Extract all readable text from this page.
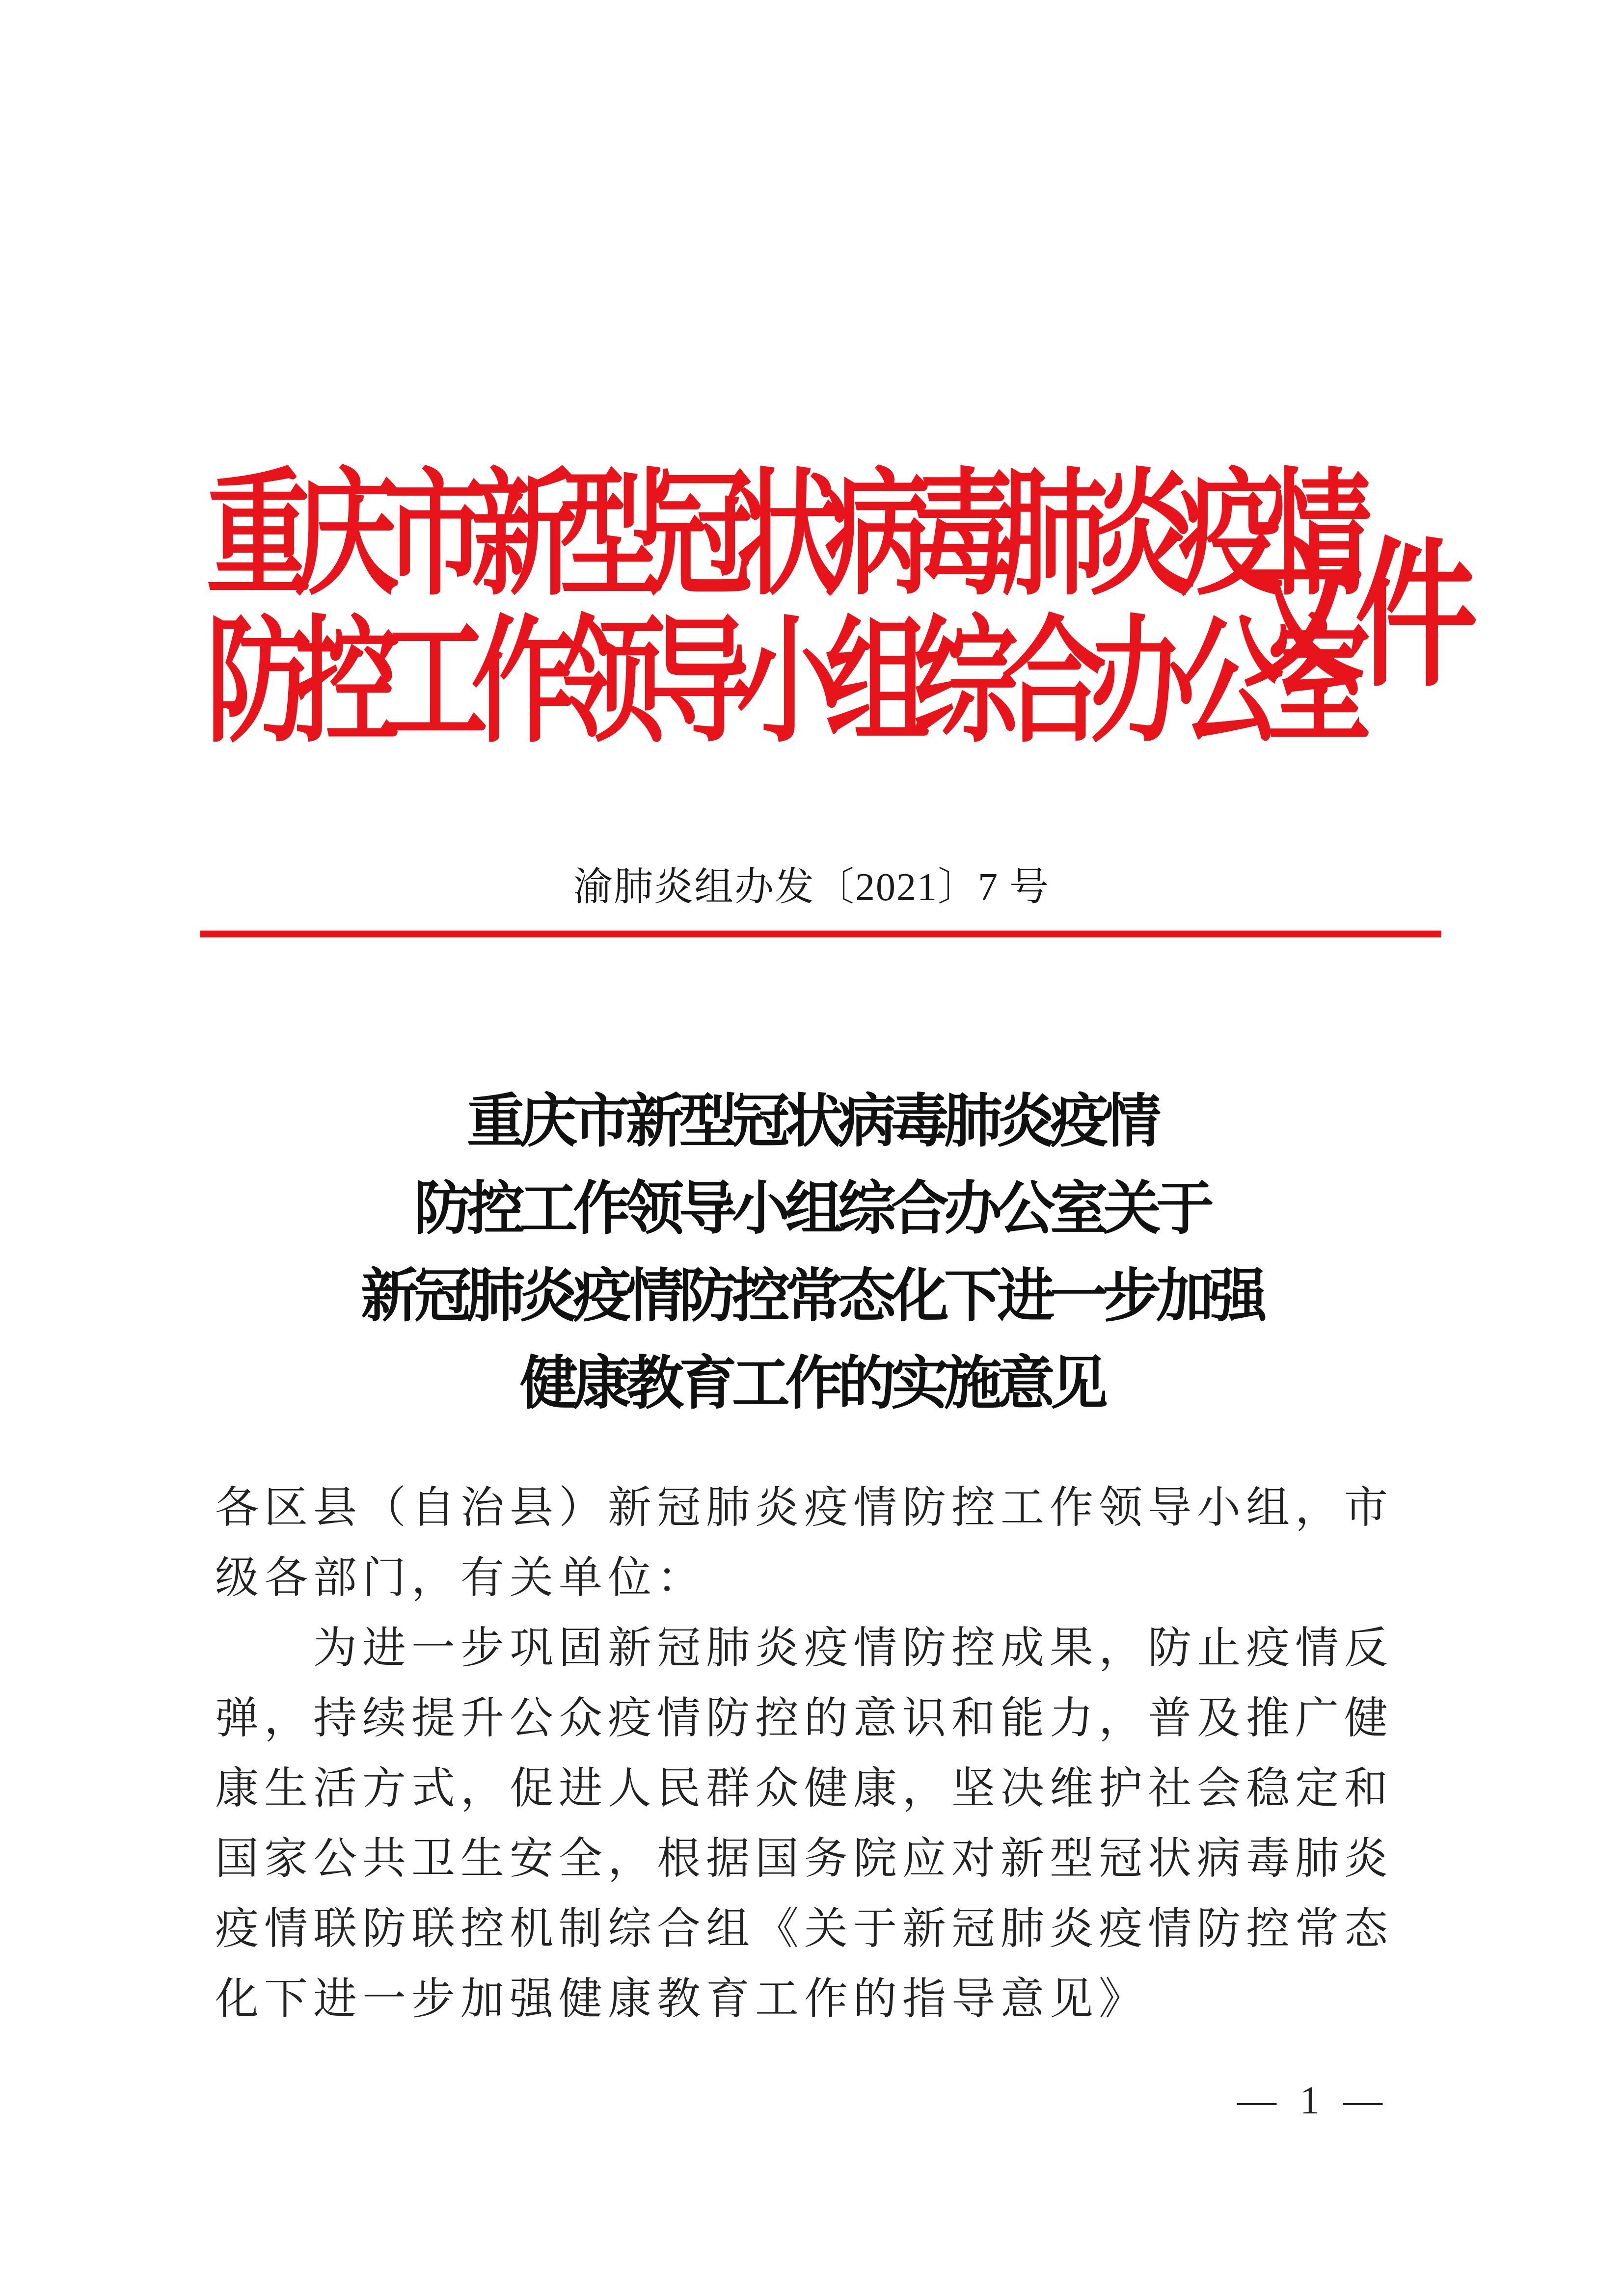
重庆市新型冠状病毒肺炎疫情

防控工作领导小组综合办公室

文件

渝肺炎组办发〔2021〕7 号

重庆市新型冠状病毒肺炎疫情
防控工作领导小组综合办公室关于
新冠肺炎疫情防控常态化下进一步加强
健康教育工作的实施意见

各区县（自治县）新冠肺炎疫情防控工作领导小组，市级各部门，有关单位：

为进一步巩固新冠肺炎疫情防控成果，防止疫情反弹，持续提升公众疫情防控的意识和能力，普及推广健康生活方式，促进人民群众健康，坚决维护社会稳定和国家公共卫生安全，根据国务院应对新型冠状病毒肺炎疫情联防联控机制综合组《关于新冠肺炎疫情防控常态化下进一步加强健康教育工作的指导意见》

— 1 —
